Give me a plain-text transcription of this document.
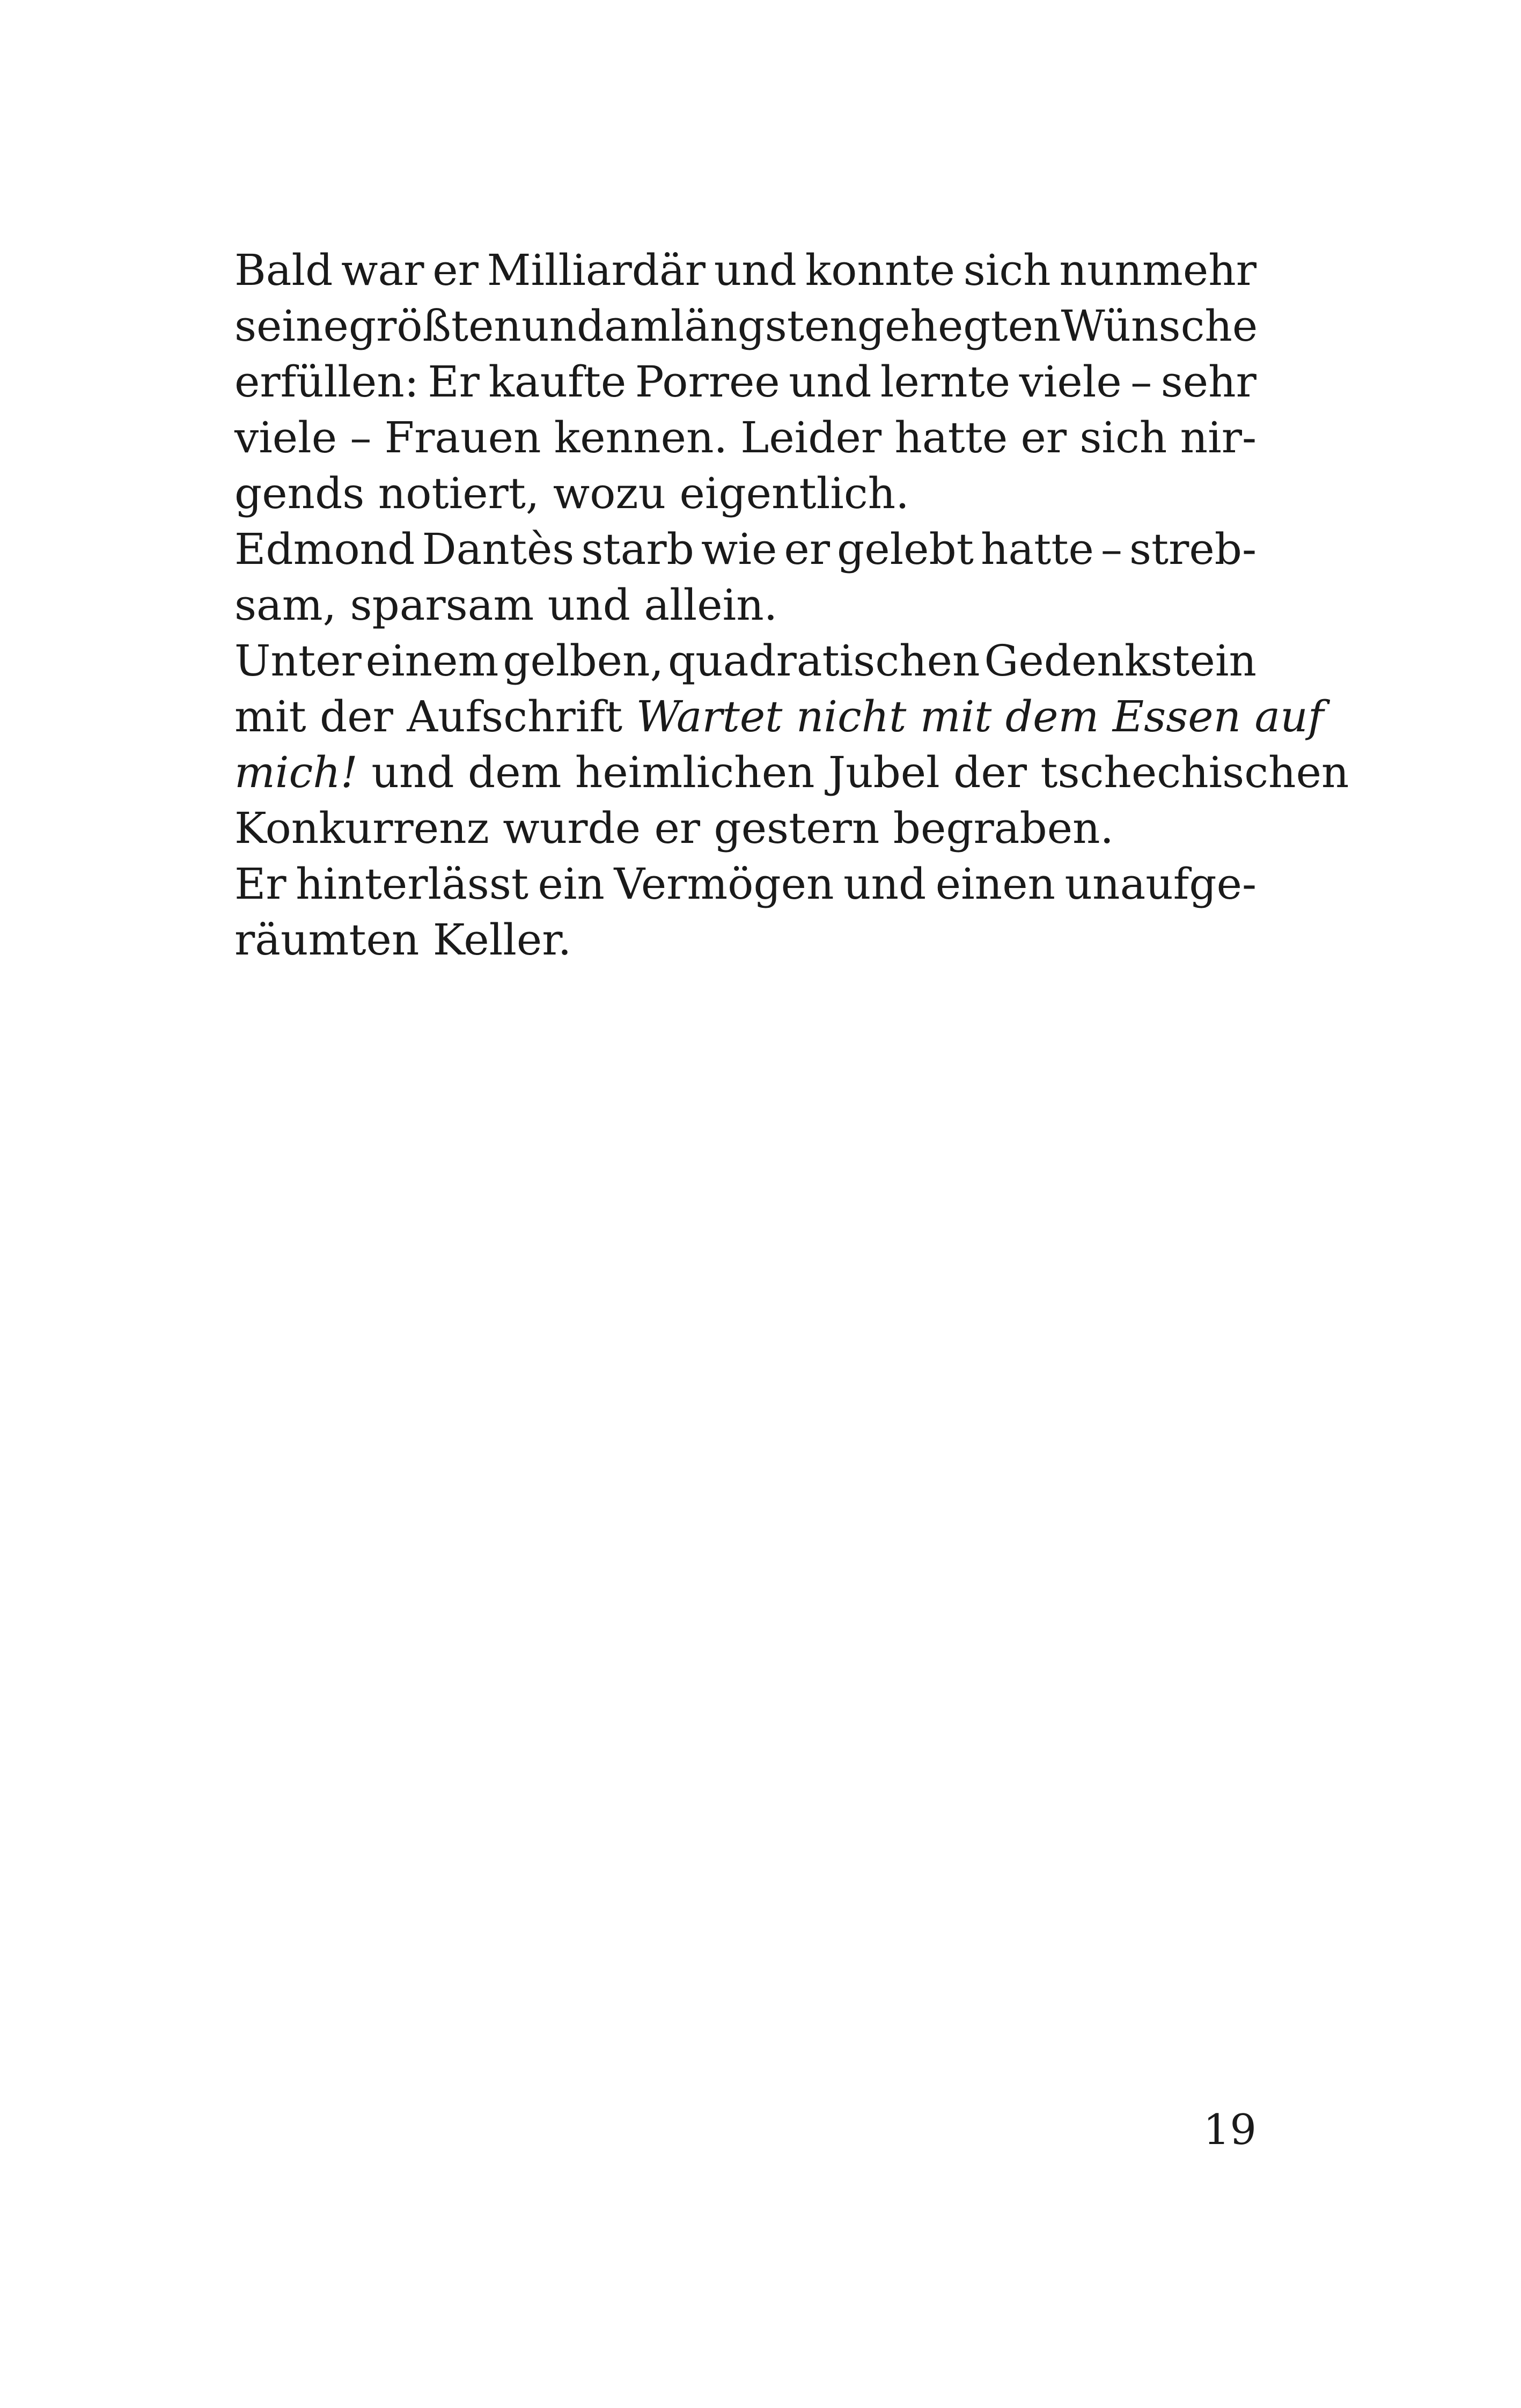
Bald war er Milliardär und konnte sich nunmehr
seine größten und am längsten gehegten Wünsche
erfüllen: Er kaufte Porree und lernte viele – sehr
viele – Frauen kennen. Leider hatte er sich nir-
gends notiert, wozu eigentlich.
Edmond Dantès starb wie er gelebt hatte – streb-
sam, sparsam und allein.
Unter einem gelben, quadratischen Gedenkstein
mit der Aufschrift Wartet nicht mit dem Essen auf
mich! und dem heimlichen Jubel der tschechischen
Konkurrenz wurde er gestern begraben.
Er hinterlässt ein Vermögen und einen unaufge-
räumten Keller.
19
